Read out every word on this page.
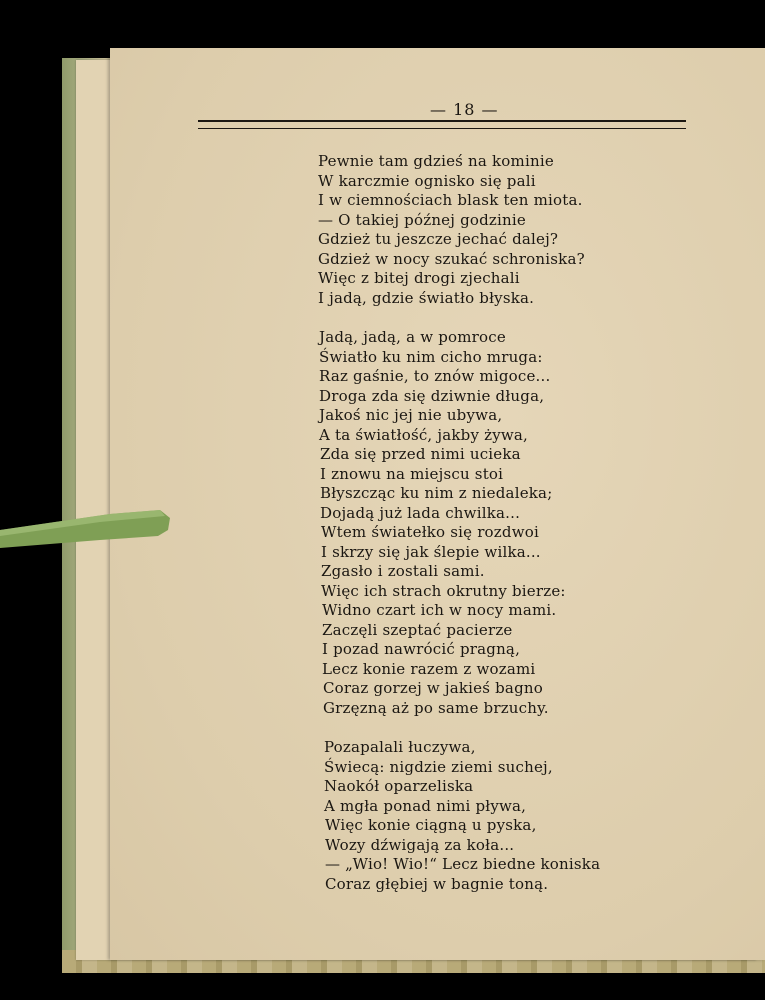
— 18 —
Pewnie tam gdzieś na kominie
W karczmie ognisko się pali
I w ciemnościach blask ten miota.
— O takiej późnej godzinie
Gdzież tu jeszcze jechać dalej?
Gdzież w nocy szukać schroniska?
Więc z bitej drogi zjechali
I jadą, gdzie światło błyska.
Jadą, jadą, a w pomroce
Światło ku nim cicho mruga:
Raz gaśnie, to znów migoce...
Droga zda się dziwnie długa,
Jakoś nic jej nie ubywa,
A ta światłość, jakby żywa,
Zda się przed nimi ucieka
I znowu na miejscu stoi
Błyszcząc ku nim z niedaleka;
Dojadą już lada chwilka...
Wtem światełko się rozdwoi
I skrzy się jak ślepie wilka...
Zgasło i zostali sami.
Więc ich strach okrutny bierze:
Widno czart ich w nocy mami.
Zaczęli szeptać pacierze
I pozad nawrócić pragną,
Lecz konie razem z wozami
Coraz gorzej w jakieś bagno
Grzęzną aż po same brzuchy.
Pozapalali łuczywa,
Świecą: nigdzie ziemi suchej,
Naokół oparzeliska
A mgła ponad nimi pływa,
Więc konie ciągną u pyska,
Wozy dźwigają za koła...
— „Wio! Wio!“ Lecz biedne koniska
Coraz głębiej w bagnie toną.
